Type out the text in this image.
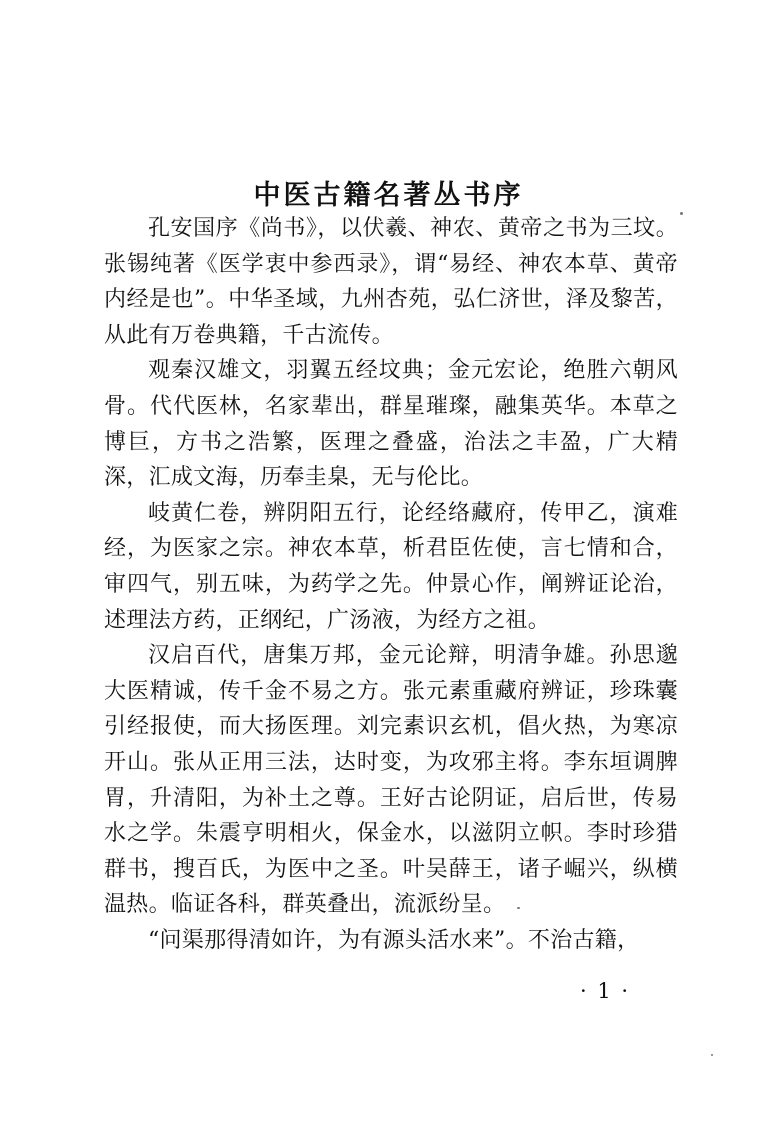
中医古籍名著丛书序

孔安国序《尚书》，以伏羲、神农、黄帝之书为三坟。张锡纯著《医学衷中参西录》，谓“易经、神农本草、黄帝内经是也”。中华圣域，九州杏苑，弘仁济世，泽及黎苦，从此有万卷典籍，千古流传。

观秦汉雄文，羽翼五经坟典；金元宏论，绝胜六朝风骨。代代医林，名家辈出，群星璀璨，融集英华。本草之博巨，方书之浩繁，医理之叠盛，治法之丰盈，广大精深，汇成文海，历奉圭臬，无与伦比。

岐黄仁卷，辨阴阳五行，论经络藏府，传甲乙，演难经，为医家之宗。神农本草，析君臣佐使，言七情和合，审四气，别五味，为药学之先。仲景心作，阐辨证论治，述理法方药，正纲纪，广汤液，为经方之祖。

汉启百代，唐集万邦，金元论辩，明清争雄。孙思邈大医精诚，传千金不易之方。张元素重藏府辨证，珍珠囊引经报使，而大扬医理。刘完素识玄机，倡火热，为寒凉开山。张从正用三法，达时变，为攻邪主将。李东垣调脾胃，升清阳，为补土之尊。王好古论阴证，启后世，传易水之学。朱震亨明相火，保金水，以滋阴立帜。李时珍猎群书，搜百氏，为医中之圣。叶吴薛王，诸子崛兴，纵横温热。临证各科，群英叠出，流派纷呈。

“问渠那得清如许，为有源头活水来”。不治古籍，

· 1 ·
